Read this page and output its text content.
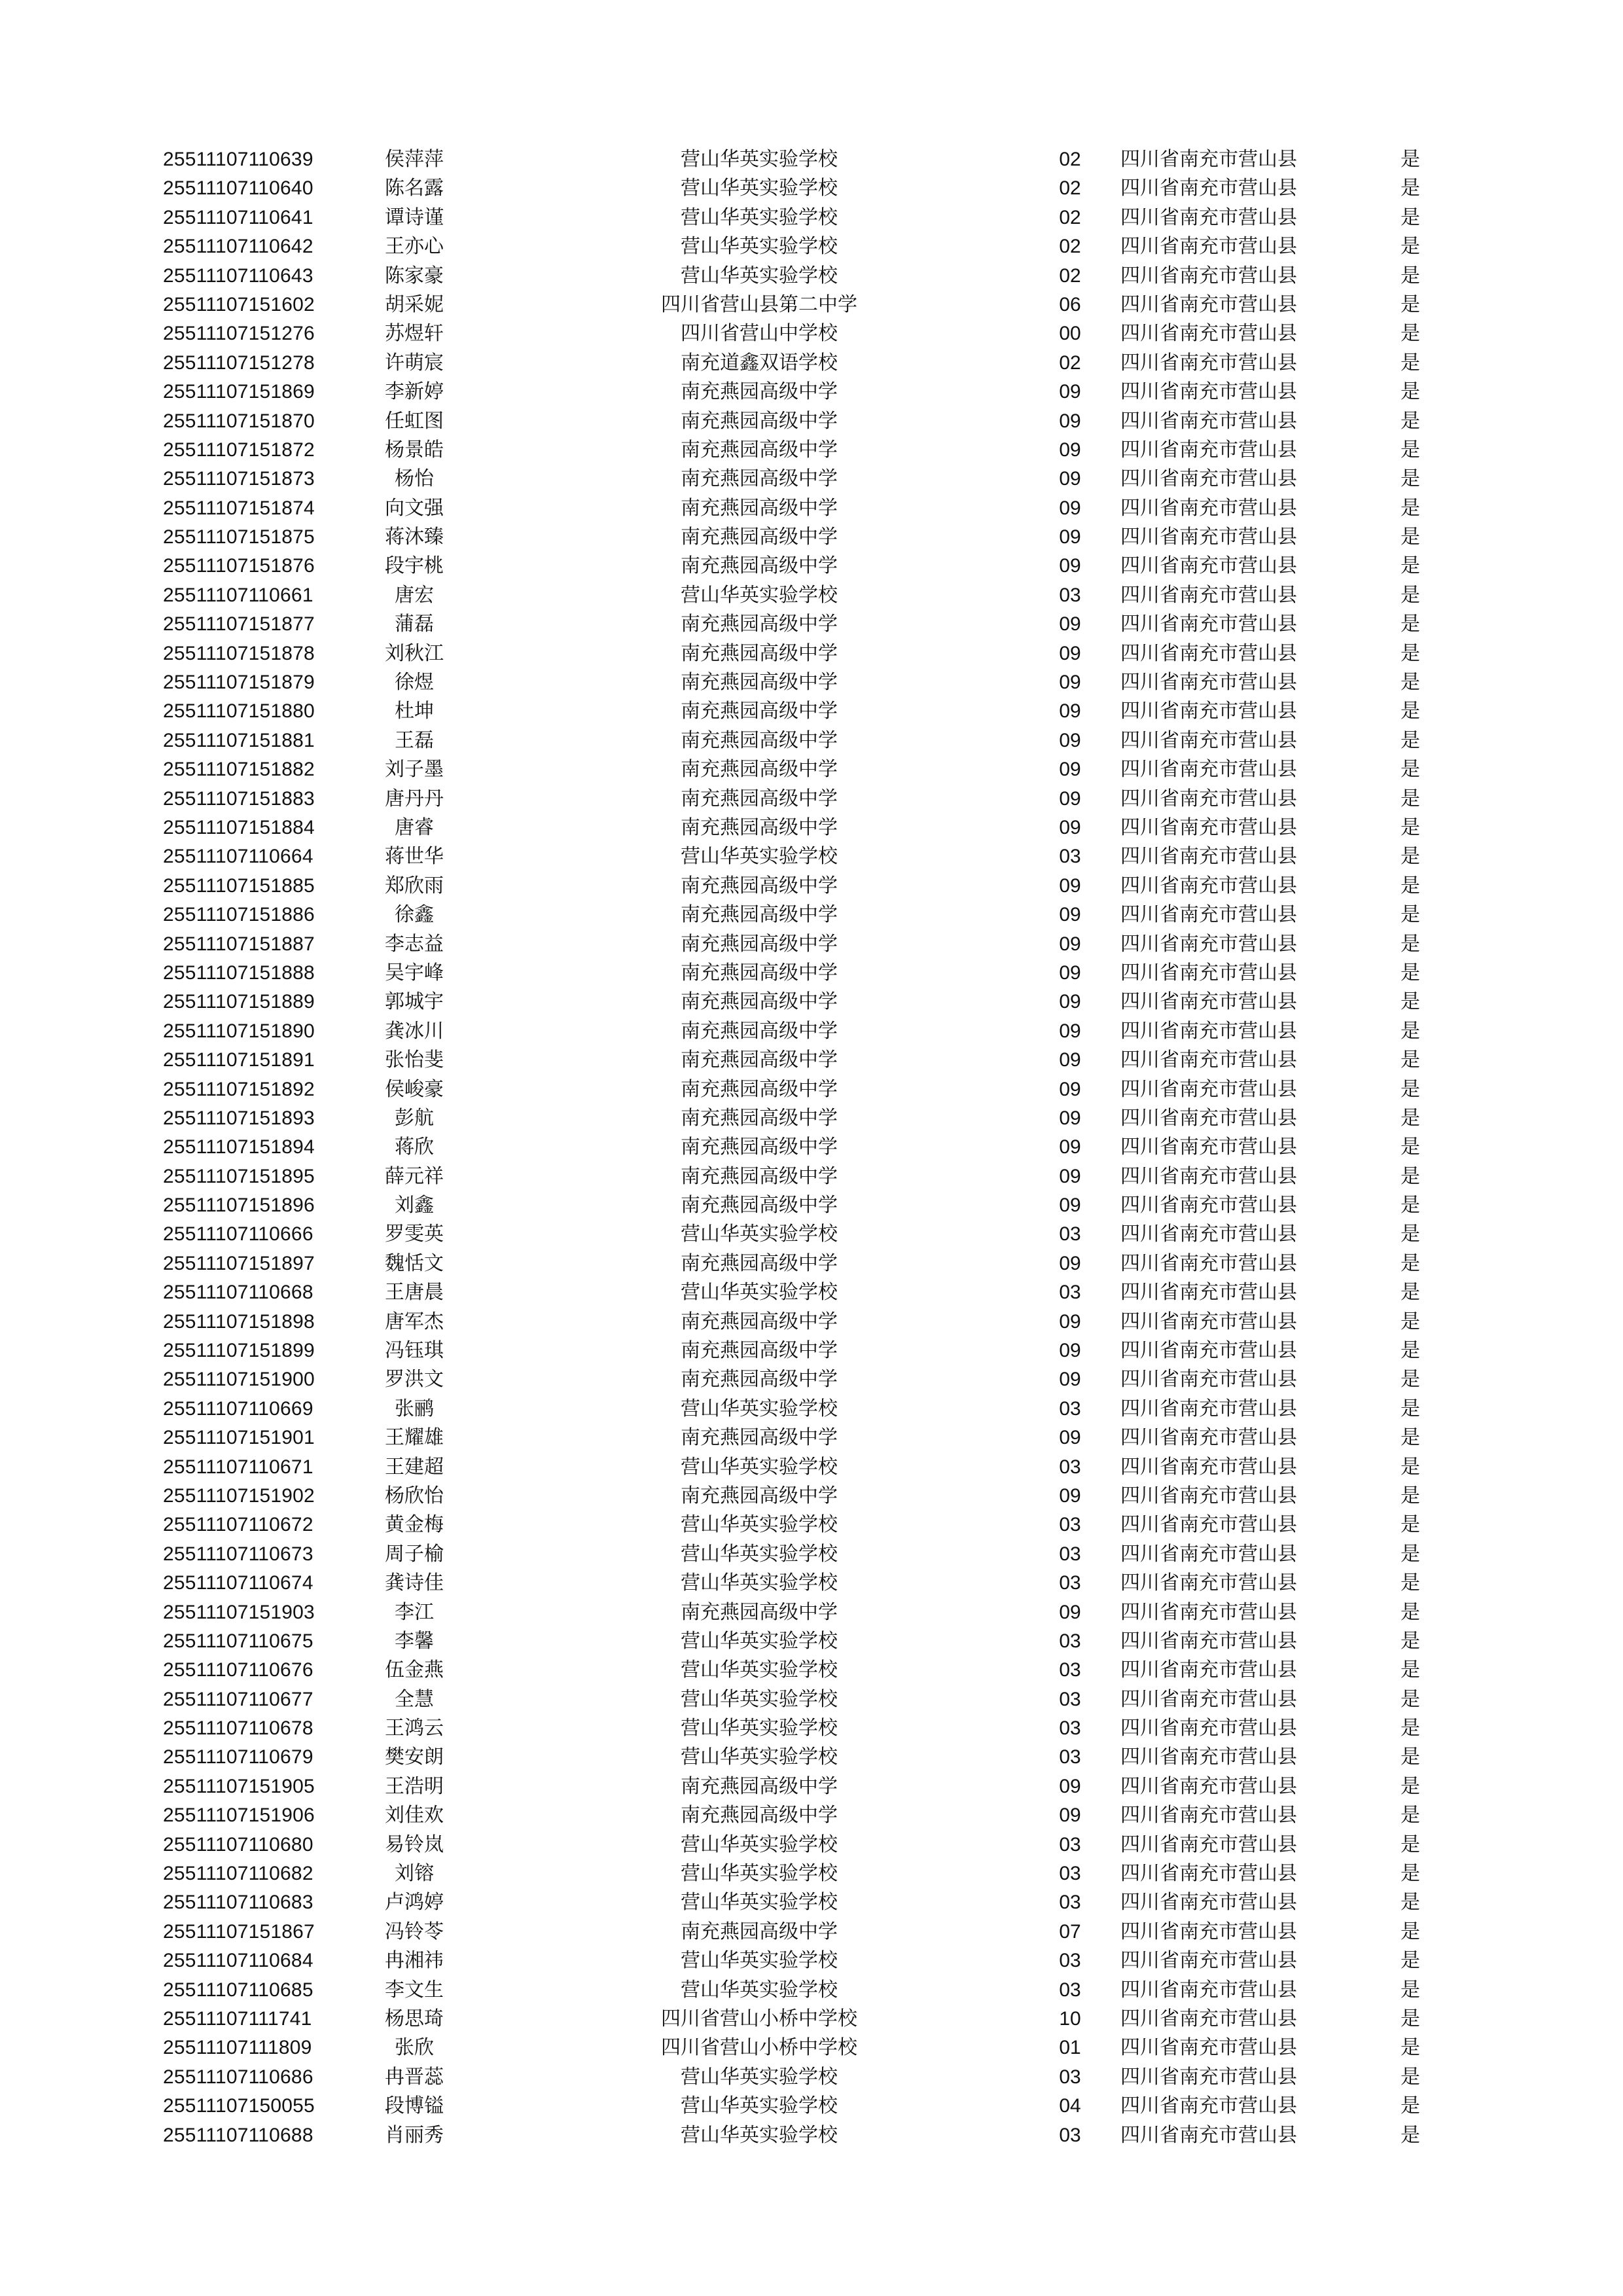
25511107110639	侯萍萍	营山华英实验学校	02	四川省南充市营山县	是
25511107110640	陈名露	营山华英实验学校	02	四川省南充市营山县	是
25511107110641	谭诗谨	营山华英实验学校	02	四川省南充市营山县	是
25511107110642	王亦心	营山华英实验学校	02	四川省南充市营山县	是
25511107110643	陈家豪	营山华英实验学校	02	四川省南充市营山县	是
25511107151602	胡采妮	四川省营山县第二中学	06	四川省南充市营山县	是
25511107151276	苏煜轩	四川省营山中学校	00	四川省南充市营山县	是
25511107151278	许萌宸	南充道鑫双语学校	02	四川省南充市营山县	是
25511107151869	李新婷	南充燕园高级中学	09	四川省南充市营山县	是
25511107151870	任虹图	南充燕园高级中学	09	四川省南充市营山县	是
25511107151872	杨景皓	南充燕园高级中学	09	四川省南充市营山县	是
25511107151873	杨怡	南充燕园高级中学	09	四川省南充市营山县	是
25511107151874	向文强	南充燕园高级中学	09	四川省南充市营山县	是
25511107151875	蒋沐臻	南充燕园高级中学	09	四川省南充市营山县	是
25511107151876	段宇桃	南充燕园高级中学	09	四川省南充市营山县	是
25511107110661	唐宏	营山华英实验学校	03	四川省南充市营山县	是
25511107151877	蒲磊	南充燕园高级中学	09	四川省南充市营山县	是
25511107151878	刘秋江	南充燕园高级中学	09	四川省南充市营山县	是
25511107151879	徐煜	南充燕园高级中学	09	四川省南充市营山县	是
25511107151880	杜坤	南充燕园高级中学	09	四川省南充市营山县	是
25511107151881	王磊	南充燕园高级中学	09	四川省南充市营山县	是
25511107151882	刘子墨	南充燕园高级中学	09	四川省南充市营山县	是
25511107151883	唐丹丹	南充燕园高级中学	09	四川省南充市营山县	是
25511107151884	唐睿	南充燕园高级中学	09	四川省南充市营山县	是
25511107110664	蒋世华	营山华英实验学校	03	四川省南充市营山县	是
25511107151885	郑欣雨	南充燕园高级中学	09	四川省南充市营山县	是
25511107151886	徐鑫	南充燕园高级中学	09	四川省南充市营山县	是
25511107151887	李志益	南充燕园高级中学	09	四川省南充市营山县	是
25511107151888	吴宇峰	南充燕园高级中学	09	四川省南充市营山县	是
25511107151889	郭城宇	南充燕园高级中学	09	四川省南充市营山县	是
25511107151890	龚冰川	南充燕园高级中学	09	四川省南充市营山县	是
25511107151891	张怡斐	南充燕园高级中学	09	四川省南充市营山县	是
25511107151892	侯峻豪	南充燕园高级中学	09	四川省南充市营山县	是
25511107151893	彭航	南充燕园高级中学	09	四川省南充市营山县	是
25511107151894	蒋欣	南充燕园高级中学	09	四川省南充市营山县	是
25511107151895	薛元祥	南充燕园高级中学	09	四川省南充市营山县	是
25511107151896	刘鑫	南充燕园高级中学	09	四川省南充市营山县	是
25511107110666	罗雯英	营山华英实验学校	03	四川省南充市营山县	是
25511107151897	魏恬文	南充燕园高级中学	09	四川省南充市营山县	是
25511107110668	王唐晨	营山华英实验学校	03	四川省南充市营山县	是
25511107151898	唐军杰	南充燕园高级中学	09	四川省南充市营山县	是
25511107151899	冯钰琪	南充燕园高级中学	09	四川省南充市营山县	是
25511107151900	罗洪文	南充燕园高级中学	09	四川省南充市营山县	是
25511107110669	张鹂	营山华英实验学校	03	四川省南充市营山县	是
25511107151901	王耀雄	南充燕园高级中学	09	四川省南充市营山县	是
25511107110671	王建超	营山华英实验学校	03	四川省南充市营山县	是
25511107151902	杨欣怡	南充燕园高级中学	09	四川省南充市营山县	是
25511107110672	黄金梅	营山华英实验学校	03	四川省南充市营山县	是
25511107110673	周子榆	营山华英实验学校	03	四川省南充市营山县	是
25511107110674	龚诗佳	营山华英实验学校	03	四川省南充市营山县	是
25511107151903	李江	南充燕园高级中学	09	四川省南充市营山县	是
25511107110675	李馨	营山华英实验学校	03	四川省南充市营山县	是
25511107110676	伍金燕	营山华英实验学校	03	四川省南充市营山县	是
25511107110677	全慧	营山华英实验学校	03	四川省南充市营山县	是
25511107110678	王鸿云	营山华英实验学校	03	四川省南充市营山县	是
25511107110679	樊安朗	营山华英实验学校	03	四川省南充市营山县	是
25511107151905	王浩明	南充燕园高级中学	09	四川省南充市营山县	是
25511107151906	刘佳欢	南充燕园高级中学	09	四川省南充市营山县	是
25511107110680	易铃岚	营山华英实验学校	03	四川省南充市营山县	是
25511107110682	刘镕	营山华英实验学校	03	四川省南充市营山县	是
25511107110683	卢鸿婷	营山华英实验学校	03	四川省南充市营山县	是
25511107151867	冯铃苓	南充燕园高级中学	07	四川省南充市营山县	是
25511107110684	冉湘祎	营山华英实验学校	03	四川省南充市营山县	是
25511107110685	李文生	营山华英实验学校	03	四川省南充市营山县	是
25511107111741	杨思琦	四川省营山小桥中学校	10	四川省南充市营山县	是
25511107111809	张欣	四川省营山小桥中学校	01	四川省南充市营山县	是
25511107110686	冉晋蕊	营山华英实验学校	03	四川省南充市营山县	是
25511107150055	段博镒	营山华英实验学校	04	四川省南充市营山县	是
25511107110688	肖丽秀	营山华英实验学校	03	四川省南充市营山县	是
